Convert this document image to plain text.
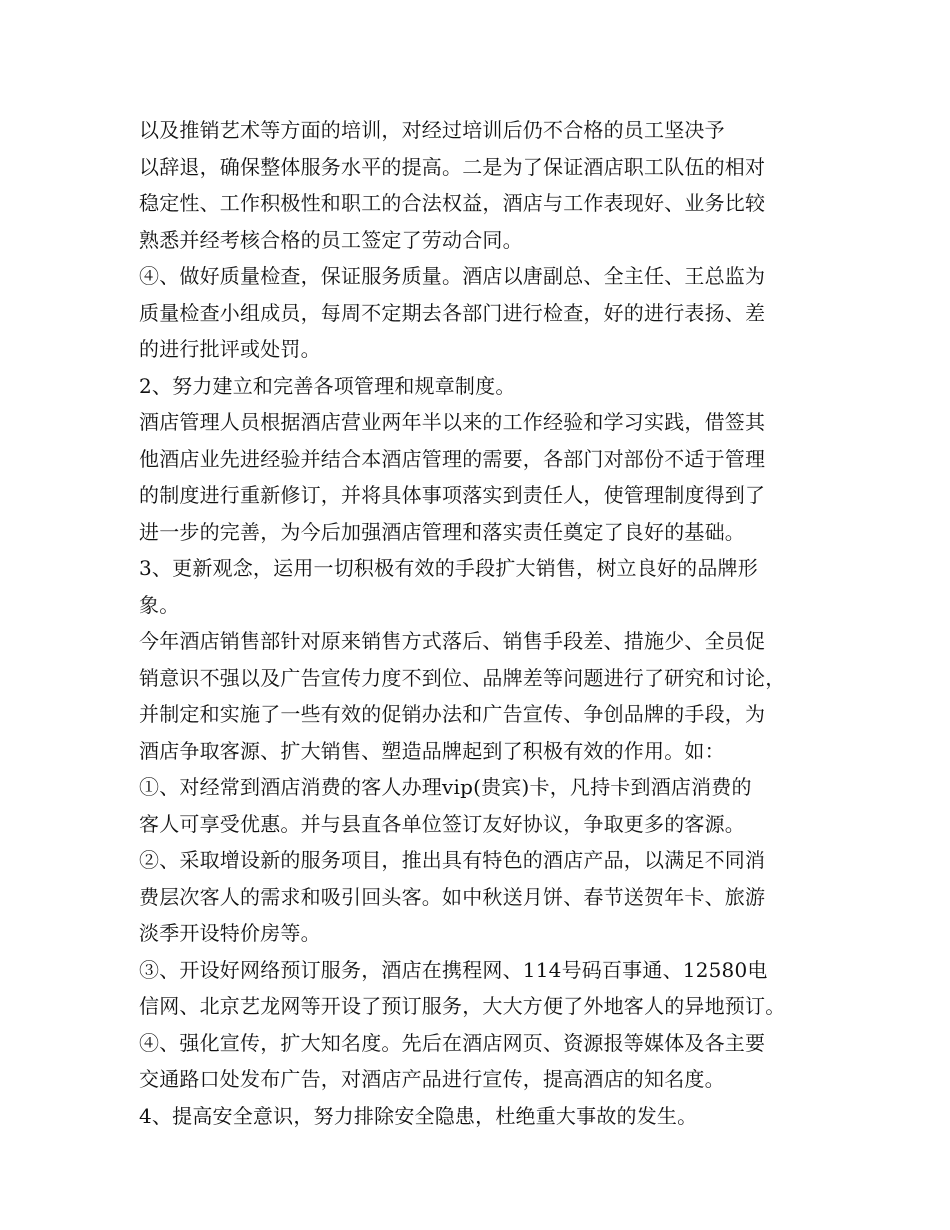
以及推销艺术等方面的培训，对经过培训后仍不合格的员工坚决予
以辞退，确保整体服务水平的提高。二是为了保证酒店职工队伍的相对
稳定性、工作积极性和职工的合法权益，酒店与工作表现好、业务比较
熟悉并经考核合格的员工签定了劳动合同。
④、做好质量检查，保证服务质量。酒店以唐副总、全主任、王总监为
质量检查小组成员，每周不定期去各部门进行检查，好的进行表扬、差
的进行批评或处罚。
2、努力建立和完善各项管理和规章制度。
酒店管理人员根据酒店营业两年半以来的工作经验和学习实践，借签其
他酒店业先进经验并结合本酒店管理的需要，各部门对部份不适于管理
的制度进行重新修订，并将具体事项落实到责任人，使管理制度得到了
进一步的完善，为今后加强酒店管理和落实责任奠定了良好的基础。
3、更新观念，运用一切积极有效的手段扩大销售，树立良好的品牌形
象。
今年酒店销售部针对原来销售方式落后、销售手段差、措施少、全员促
销意识不强以及广告宣传力度不到位、品牌差等问题进行了研究和讨论，
并制定和实施了一些有效的促销办法和广告宣传、争创品牌的手段，为
酒店争取客源、扩大销售、塑造品牌起到了积极有效的作用。如：
①、对经常到酒店消费的客人办理vip(贵宾)卡，凡持卡到酒店消费的
客人可享受优惠。并与县直各单位签订友好协议，争取更多的客源。
②、采取增设新的服务项目，推出具有特色的酒店产品，以满足不同消
费层次客人的需求和吸引回头客。如中秋送月饼、春节送贺年卡、旅游
淡季开设特价房等。
③、开设好网络预订服务，酒店在携程网、114号码百事通、12580电
信网、北京艺龙网等开设了预订服务，大大方便了外地客人的异地预订。
④、强化宣传，扩大知名度。先后在酒店网页、资源报等媒体及各主要
交通路口处发布广告，对酒店产品进行宣传，提高酒店的知名度。
4、提高安全意识，努力排除安全隐患，杜绝重大事故的发生。
